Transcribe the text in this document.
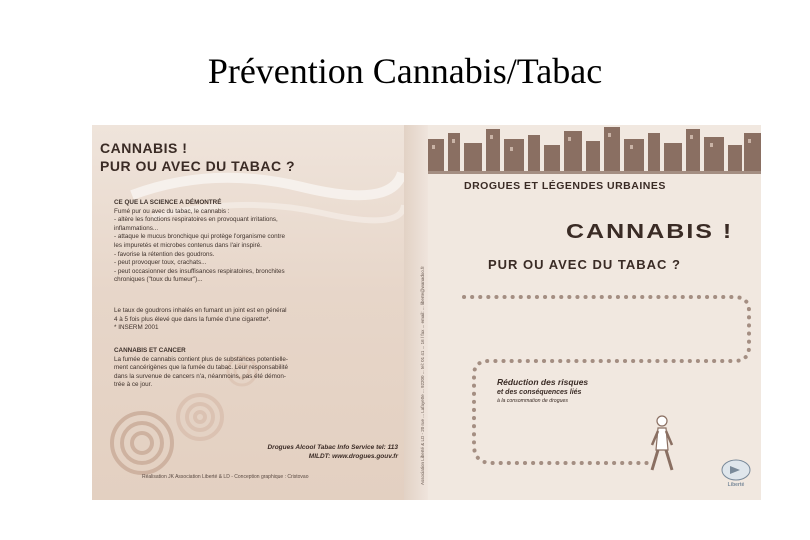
Prévention Cannabis/Tabac
CANNABIS !
PUR OU AVEC DU TABAC ?
CE QUE LA SCIENCE A DÉMONTRÉ
Fumé pur ou avec du tabac, le cannabis :
- altère les fonctions respiratoires en provoquant irritations,
inflammations...
- attaque le mucus bronchique qui protège l'organisme contre
les impuretés et microbes contenus dans l'air inspiré.
- favorise la rétention des goudrons.
- peut provoquer toux, crachats...
- peut occasionner des insuffisances respiratoires, bronchites
chroniques ("toux du fumeur")...
Le taux de goudrons inhalés en fumant un joint est en général
4 à 5 fois plus élevé que dans la fumée d'une cigarette*.
* INSERM 2001
CANNABIS ET CANCER
La fumée de cannabis contient plus de substances potentielle-
ment cancérigènes que la fumée du tabac. Leur responsabilité
dans la survenue de cancers n'a, néanmoins, pas été démon-
trée à ce jour.
Drogues Alcool Tabac Info Service tel: 113
MILDT: www.drogues.gouv.fr
Réalisation JK Association Liberté & LD - Conception graphique : Cristovao	Association Liberté & LD - 20 rue ... Lafayette ... 92200 ... tel: 01 41 ... 16 / fax ... email: ... liberte@wanadoo.fr
DROGUES ET LÉGENDES URBAINES
CANNABIS !
PUR OU AVEC DU TABAC ?
Réduction des risques
et des conséquences liés
à la consommation de drogues
Liberté
